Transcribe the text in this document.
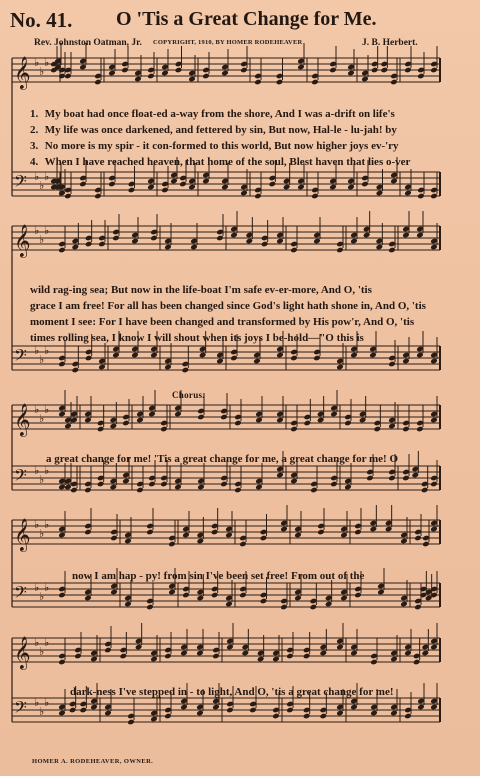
No. 41. O 'Tis a Great Change for Me.
Rev. Johnston Oatman, Jr. COPYRIGHT, 1910, BY HOMER RODEHEAVER	J. B. Herbert.
𝄞 ♭
♭
♭
𝄢 ♭
♭
♭
𝄞 ♭
♭
♭
𝄢 ♭
♭
♭
𝄞 ♭
♭
♭
𝄢 ♭
♭
♭
𝄞 ♭
♭
♭
𝄢 ♭
♭
♭
𝄞 ♭
♭
♭
𝄢 ♭
♭
♭
1. My boat had once float-ed a-way from the shore, And I was a-drift on life's
2. My life was once darkened, and fettered by sin, But now, Hal-le - lu-jah! by
3. No more is my spir - it con-formed to this world, But now higher joys ev-'ry
4. When I have reached heaven, that home of the soul, Blest haven that lies o-ver
wild rag-ing sea; But now in the life-boat I'm safe ev-er-more, And O, 'tis
grace I am free! For all has been changed since God's light hath shone in, And O, 'tis
moment I see: For I have been changed and transformed by His pow'r, And O, 'tis
times rolling sea, I know I will shout when its joys I be-hold—"O this is
Chorus.
a great change for me! 'Tis a great change for me, a great change for me! O
now I am hap - py! from sin I've been set free! From out of the
dark-ness I've stepped in - to light, And O, 'tis a great change for me!
HOMER A. RODEHEAVER, OWNER.
